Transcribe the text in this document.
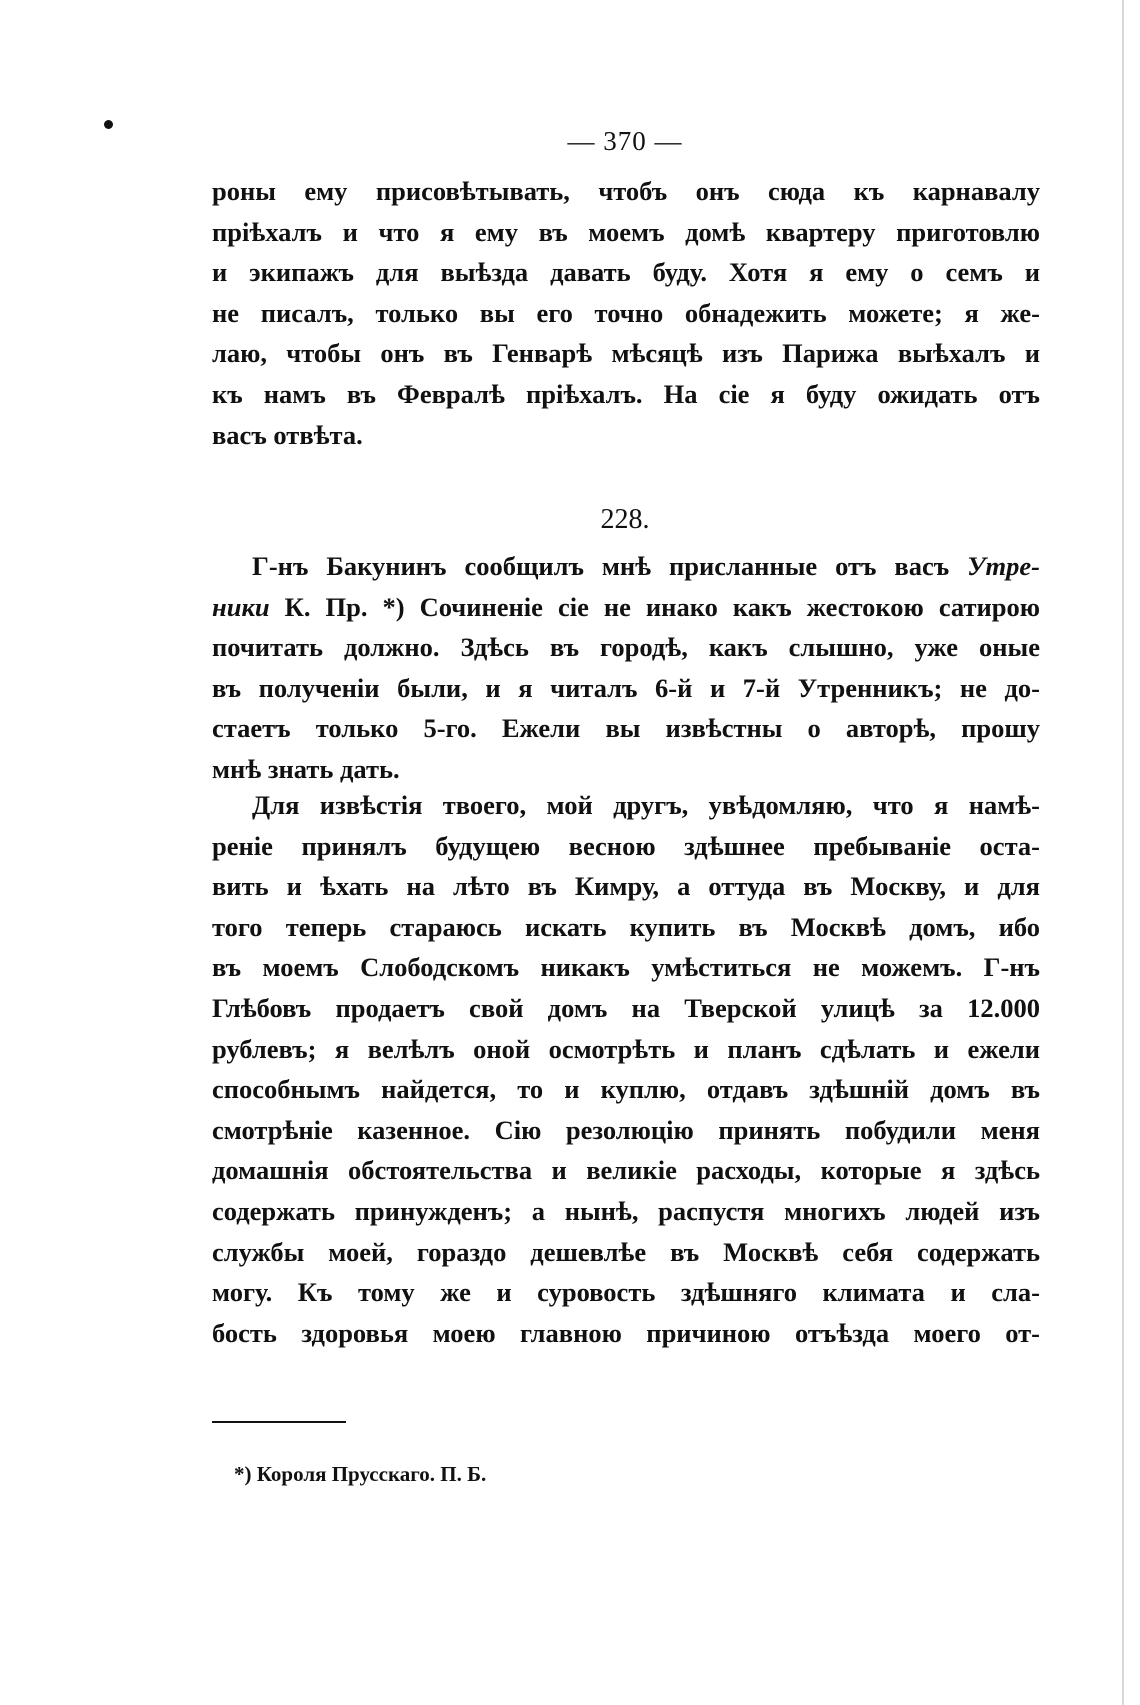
— 370 —
роны ему присовѣтывать, чтобъ онъ сюда къ карнавалу
пріѣхалъ и что я ему въ моемъ домѣ квартеру приготовлю
и экипажъ для выѣзда давать буду. Хотя я ему о семъ и
не писалъ, только вы его точно обнадежить можете; я же-
лаю, чтобы онъ въ Генварѣ мѣсяцѣ изъ Парижа выѣхалъ и
къ намъ въ Февралѣ пріѣхалъ. На сіе я буду ожидать отъ
васъ отвѣта.
228.
Г-нъ Бакунинъ сообщилъ мнѣ присланные отъ васъ Утре-
ники К. Пр. *) Сочиненіе сіе не инако какъ жестокою сатирою
почитать должно. Здѣсь въ городѣ, какъ слышно, уже оные
въ полученіи были, и я читалъ 6-й и 7-й Утренникъ; не до-
стаетъ только 5-го. Ежели вы извѣстны о авторѣ, прошу
мнѣ знать дать.
Для извѣстія твоего, мой другъ, увѣдомляю, что я намѣ-
реніе принялъ будущею весною здѣшнее пребываніе оста-
вить и ѣхать на лѣто въ Кимру, а оттуда въ Москву, и для
того теперь стараюсь искать купить въ Москвѣ домъ, ибо
въ моемъ Слободскомъ никакъ умѣститься не можемъ. Г-нъ
Глѣбовъ продаетъ свой домъ на Тверской улицѣ за 12.000
рублевъ; я велѣлъ оной осмотрѣть и планъ сдѣлать и ежели
способнымъ найдется, то и куплю, отдавъ здѣшній домъ въ
смотрѣніе казенное. Сію резолюцію принять побудили меня
домашнія обстоятельства и великіе расходы, которые я здѣсь
содержать принужденъ; а нынѣ, распустя многихъ людей изъ
службы моей, гораздо дешевлѣе въ Москвѣ себя содержать
могу. Къ тому же и суровость здѣшняго климата и сла-
бость здоровья моею главною причиною отъѣзда моего от-
*) Короля Прусскаго. П. Б.
